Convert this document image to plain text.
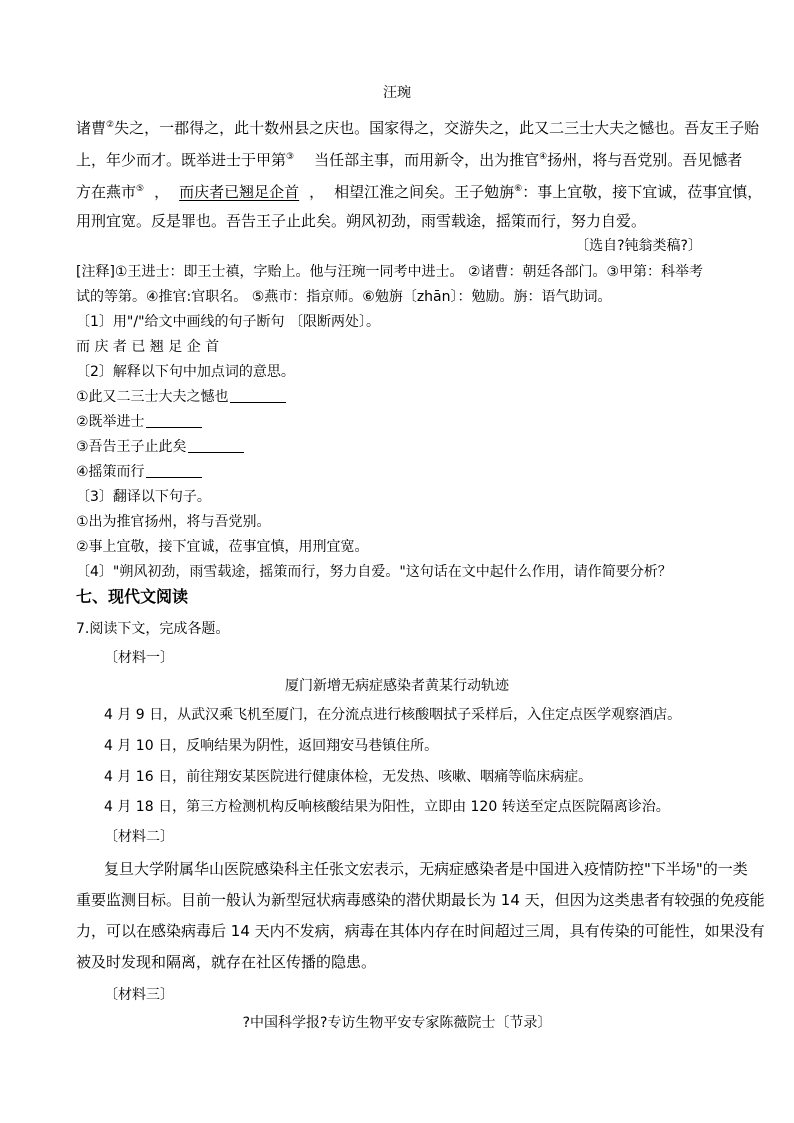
汪琬
诸曹②失之，一郡得之，此十数州县之庆也。国家得之，交游失之，此又二三士大夫之憾也。吾友王子贻
上，年少而才。既举进士于甲第③ 当任部主事，而用新令，出为推官④扬州，将与吾党别。吾见憾者
方在燕市⑤ ， 而庆者已翘足企首 ， 相望江淮之间矣。王子勉旃⑥：事上宜敬，接下宜诚，莅事宜慎，
用刑宜宽。反是罪也。吾告王子止此矣。朔风初劲，雨雪载途，摇策而行，努力自爱。
〔选自?钝翁类稿?〕
[注释]①王进士：即王士禛，字贻上。他与汪琬一同考中进士。 ②诸曹：朝廷各部门。③甲第：科举考
试的等第。④推官:官职名。 ⑤燕市：指京师。⑥勉旃〔zhān〕：勉励。旃：语气助词。
〔1〕用"/"给文中画线的句子断句 〔限断两处〕。
而 庆 者 已 翘 足 企 首
〔2〕解释以下句中加点词的意思。
①此又二三士大夫之憾也
②既举进士
③吾告王子止此矣
④摇策而行
〔3〕翻译以下句子。
①出为推官扬州，将与吾党别。
②事上宜敬，接下宜诚，莅事宜慎，用刑宜宽。
〔4〕"朔风初劲，雨雪载途，摇策而行，努力自爱。"这句话在文中起什么作用，请作简要分析？
七、现代文阅读
7.阅读下文，完成各题。
〔材料一〕
厦门新增无病症感染者黄某行动轨迹
4 月 9 日，从武汉乘飞机至厦门，在分流点进行核酸咽拭子采样后，入住定点医学观察酒店。
4 月 10 日，反响结果为阴性，返回翔安马巷镇住所。
4 月 16 日，前往翔安某医院进行健康体检，无发热、咳嗽、咽痛等临床病症。
4 月 18 日，第三方检测机构反响核酸结果为阳性，立即由 120 转送至定点医院隔离诊治。
〔材料二〕
复旦大学附属华山医院感染科主任张文宏表示，无病症感染者是中国进入疫情防控"下半场"的一类
重要监测目标。目前一般认为新型冠状病毒感染的潜伏期最长为 14 天，但因为这类患者有较强的免疫能
力，可以在感染病毒后 14 天内不发病，病毒在其体内存在时间超过三周，具有传染的可能性，如果没有
被及时发现和隔离，就存在社区传播的隐患。
〔材料三〕
?中国科学报?专访生物平安专家陈薇院士〔节录〕
